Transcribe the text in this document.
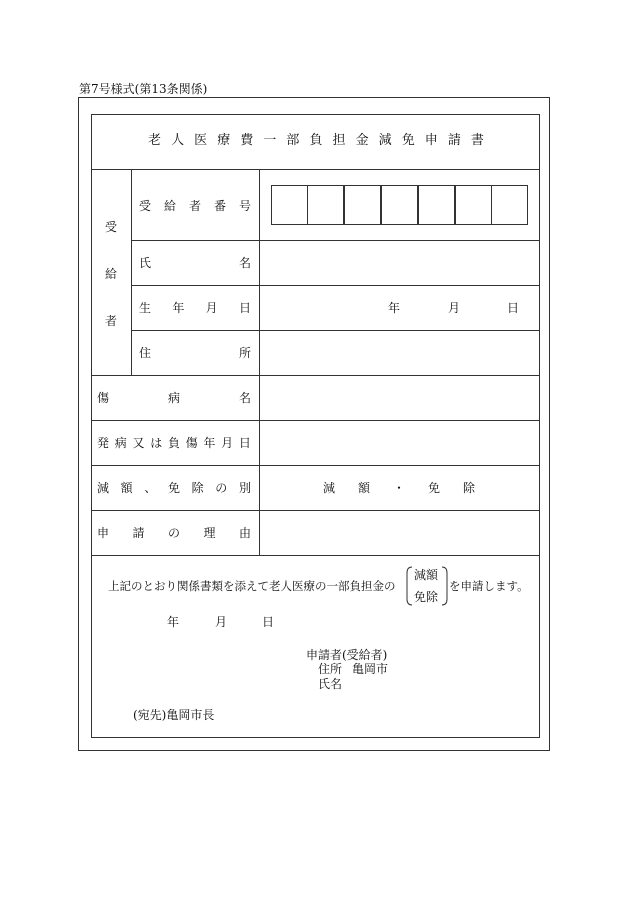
第7号様式(第13条関係)
老 人 医 療 費 一 部 負 担 金 減 免 申 請 書
受
給
者
受 給 者 番 号
氏	名
生 年 月 日	年	月	日
住	所
傷	病	名
発 病 又 は 負 傷 年 月 日
減 額 、 免 除 の 別	減 額 ・ 免 除
申 請 の 理 由
上記のとおり関係書類を添えて老人医療の一部負担金の
減額
免除
を申請します。
年	月	日
申請者(受給者)
住所 亀岡市
氏名
(宛先)亀岡市長
